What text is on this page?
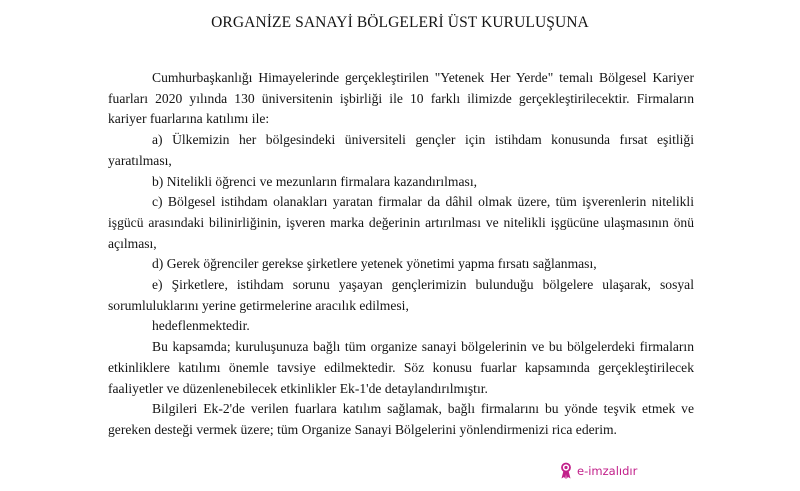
ORGANİZE SANAYİ BÖLGELERİ ÜST KURULUŞUNA

Cumhurbaşkanlığı Himayelerinde gerçekleştirilen "Yetenek Her Yerde" temalı Bölgesel Kariyer fuarları 2020 yılında 130 üniversitenin işbirliği ile 10 farklı ilimizde gerçekleştirilecektir. Firmaların kariyer fuarlarına katılımı ile:

a) Ülkemizin her bölgesindeki üniversiteli gençler için istihdam konusunda fırsat eşitliği yaratılması,

b) Nitelikli öğrenci ve mezunların firmalara kazandırılması,

c) Bölgesel istihdam olanakları yaratan firmalar da dâhil olmak üzere, tüm işverenlerin nitelikli işgücü arasındaki bilinirliğinin, işveren marka değerinin artırılması ve nitelikli işgücüne ulaşmasının önü açılması,

d) Gerek öğrenciler gerekse şirketlere yetenek yönetimi yapma fırsatı sağlanması,

e) Şirketlere, istihdam sorunu yaşayan gençlerimizin bulunduğu bölgelere ulaşarak, sosyal sorumluluklarını yerine getirmelerine aracılık edilmesi,

hedeflenmektedir.

Bu kapsamda; kuruluşunuza bağlı tüm organize sanayi bölgelerinin ve bu bölgelerdeki firmaların etkinliklere katılımı önemle tavsiye edilmektedir. Söz konusu fuarlar kapsamında gerçekleştirilecek faaliyetler ve düzenlenebilecek etkinlikler Ek-1'de detaylandırılmıştır.

Bilgileri Ek-2'de verilen fuarlara katılım sağlamak, bağlı firmalarını bu yönde teşvik etmek ve gereken desteği vermek üzere; tüm Organize Sanayi Bölgelerini yönlendirmenizi rica ederim.

e-imzalıdır
